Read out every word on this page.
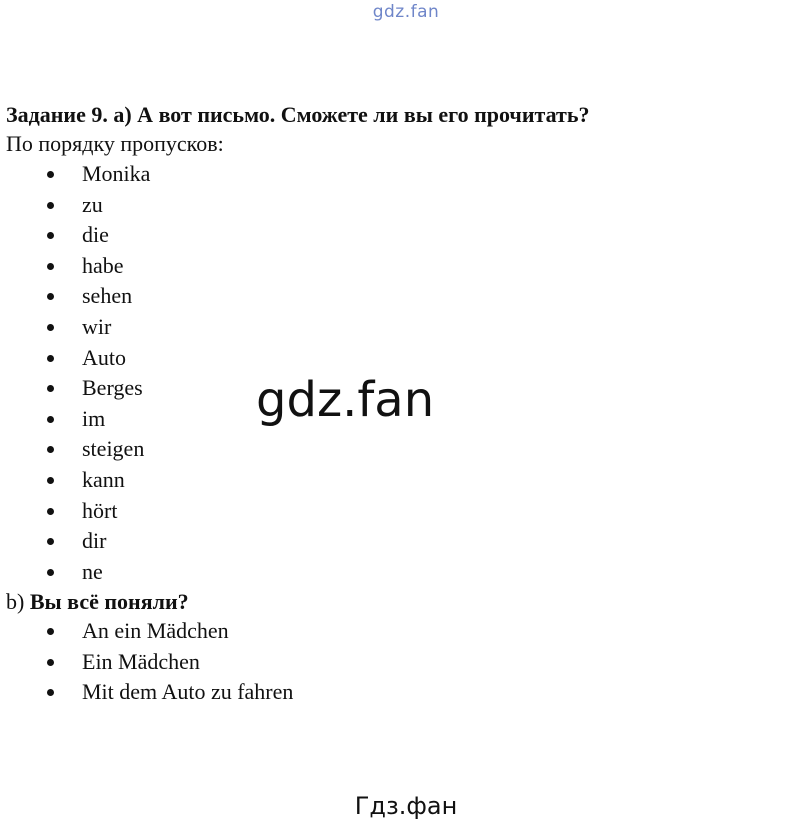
gdz.fan
Задание 9. a) А вот письмо. Сможете ли вы его прочитать?
По порядку пропусков:
Monika
zu
die
habe
sehen
wir
Auto
Berges
im
steigen
kann
hört
dir
ne
b) Вы всё поняли?
An ein Mädchen
Ein Mädchen
Mit dem Auto zu fahren
gdz.fan
Гдз.фан
